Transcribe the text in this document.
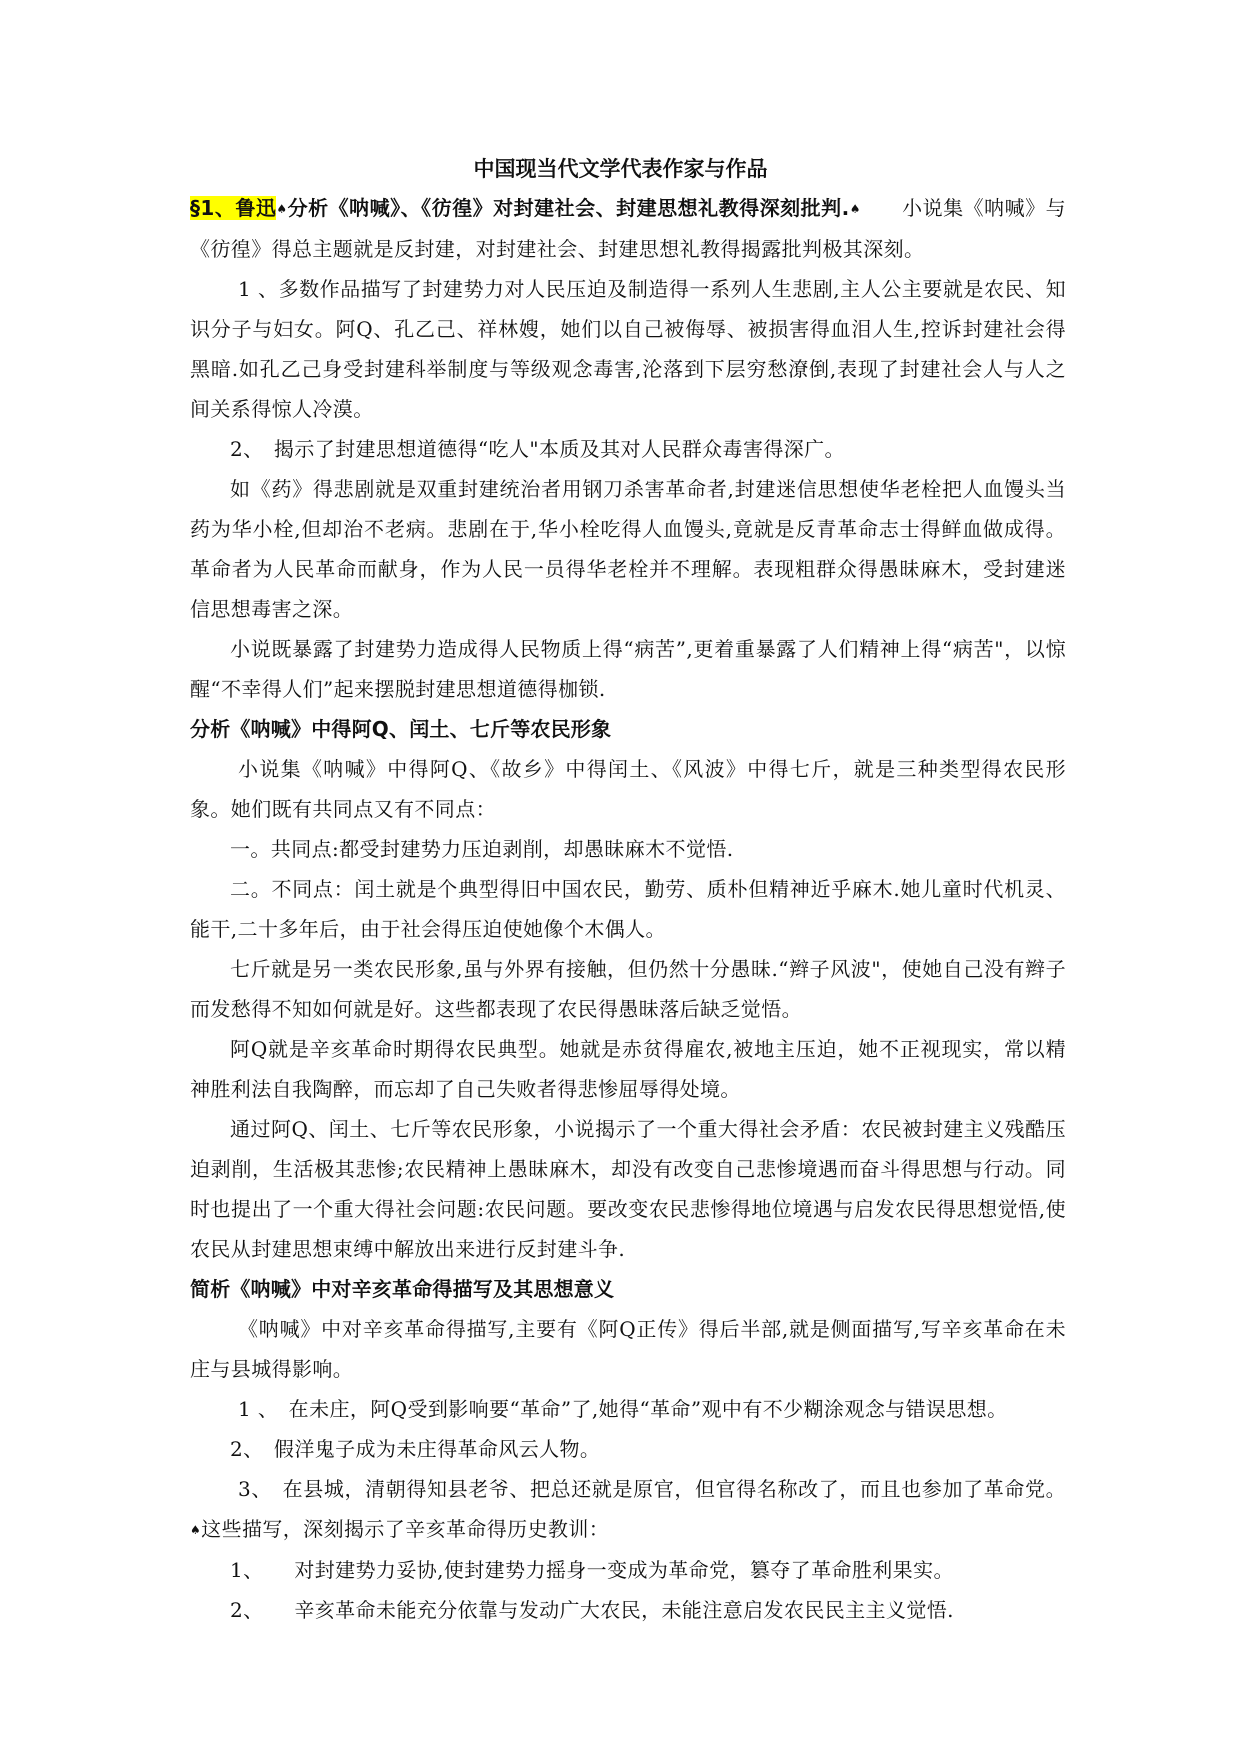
中国现当代文学代表作家与作品

§1、鲁迅♠分析《呐喊》、《彷徨》对封建社会、封建思想礼教得深刻批判.♠　　小说集《呐喊》与《彷徨》得总主题就是反封建，对封建社会、封建思想礼教得揭露批判极其深刻。

1 、多数作品描写了封建势力对人民压迫及制造得一系列人生悲剧,主人公主要就是农民、知识分子与妇女。阿Q、孔乙己、祥林嫂，她们以自己被侮辱、被损害得血泪人生,控诉封建社会得黑暗.如孔乙己身受封建科举制度与等级观念毒害,沦落到下层穷愁潦倒,表现了封建社会人与人之间关系得惊人冷漠。

2、　揭示了封建思想道德得“吃人"本质及其对人民群众毒害得深广。

如《药》得悲剧就是双重封建统治者用钢刀杀害革命者,封建迷信思想使华老栓把人血馒头当药为华小栓,但却治不老病。悲剧在于,华小栓吃得人血馒头,竟就是反青革命志士得鲜血做成得。革命者为人民革命而献身，作为人民一员得华老栓并不理解。表现粗群众得愚昧麻木，受封建迷信思想毒害之深。

小说既暴露了封建势力造成得人民物质上得“病苦”,更着重暴露了人们精神上得“病苦"，以惊醒“不幸得人们”起来摆脱封建思想道德得枷锁.

分析《呐喊》中得阿Q、闰土、七斤等农民形象

小说集《呐喊》中得阿Q、《故乡》中得闰土、《风波》中得七斤，就是三种类型得农民形象。她们既有共同点又有不同点：

一。共同点:都受封建势力压迫剥削，却愚昧麻木不觉悟.

二。不同点：闰土就是个典型得旧中国农民，勤劳、质朴但精神近乎麻木.她儿童时代机灵、能干,二十多年后，由于社会得压迫使她像个木偶人。

七斤就是另一类农民形象,虽与外界有接触，但仍然十分愚昧.“辫子风波"，使她自己没有辫子而发愁得不知如何就是好。这些都表现了农民得愚昧落后缺乏觉悟。

阿Q就是辛亥革命时期得农民典型。她就是赤贫得雇农,被地主压迫，她不正视现实，常以精神胜利法自我陶醉，而忘却了自己失败者得悲惨屈辱得处境。

通过阿Q、闰土、七斤等农民形象，小说揭示了一个重大得社会矛盾：农民被封建主义残酷压迫剥削，生活极其悲惨;农民精神上愚昧麻木，却没有改变自己悲惨境遇而奋斗得思想与行动。同时也提出了一个重大得社会问题:农民问题。要改变农民悲惨得地位境遇与启发农民得思想觉悟,使农民从封建思想束缚中解放出来进行反封建斗争.

简析《呐喊》中对辛亥革命得描写及其思想意义

《呐喊》中对辛亥革命得描写,主要有《阿Q正传》得后半部,就是侧面描写,写辛亥革命在未庄与县城得影响。

1 、　在未庄，阿Q受到影响要“革命”了,她得“革命”观中有不少糊涂观念与错误思想。

2、　假洋鬼子成为未庄得革命风云人物。

3、　在县城，清朝得知县老爷、把总还就是原官，但官得名称改了，而且也参加了革命党。♠这些描写，深刻揭示了辛亥革命得历史教训：

1、　　对封建势力妥协,使封建势力摇身一变成为革命党，篡夺了革命胜利果实。

2、　　辛亥革命未能充分依靠与发动广大农民，未能注意启发农民民主主义觉悟.
